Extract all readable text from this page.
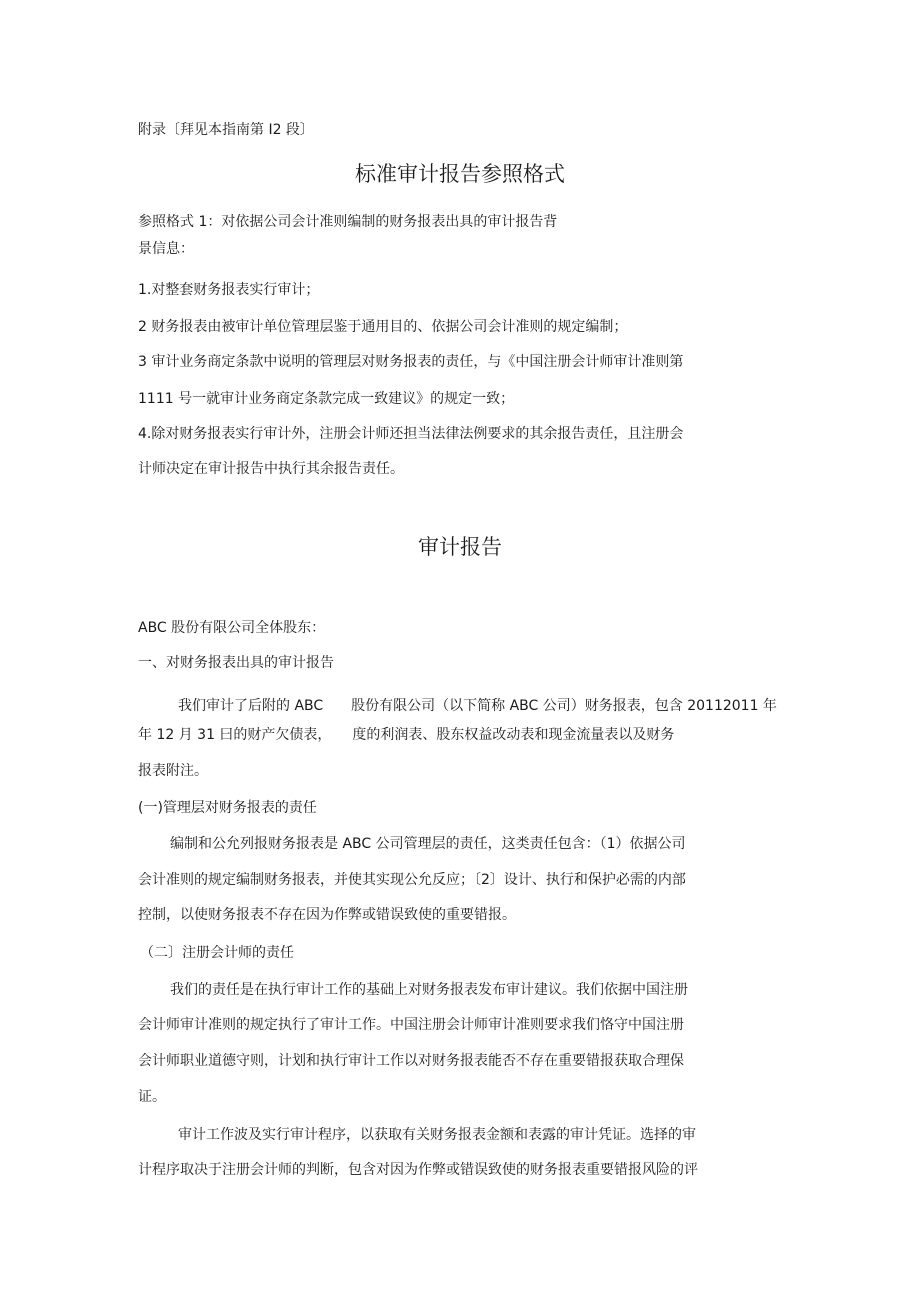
附录〔拜见本指南第 I2 段〕
标准审计报告参照格式
参照格式 1：对依据公司会计准则编制的财务报表出具的审计报告背
景信息：
1.对整套财务报表实行审计；
2 财务报表由被审计单位管理层鉴于通用目的、依据公司会计准则的规定编制；
3 审计业务商定条款中说明的管理层对财务报表的责任，与《中国注册会计师审计准则第
1111 号一就审计业务商定条款完成一致建议》的规定一致；
4.除对财务报表实行审计外，注册会计师还担当法律法例要求的其余报告责任，且注册会
计师决定在审计报告中执行其余报告责任。
审计报告
ABC 股份有限公司全体股东：
一、对财务报表出具的审计报告
我们审计了后附的 ABC　　股份有限公司（以下简称 ABC 公司）财务报表，包含 20112011 年
年 12 月 31 曰的财产欠债表，　　度的利润表、股东权益改动表和现金流量表以及财务
报表附注。
(一)管理层对财务报表的责任
编制和公允列报财务报表是 ABC 公司管理层的责任，这类责任包含：（1）依据公司
会计准则的规定编制财务报表，并使其实现公允反应；〔2〕设计、执行和保护必需的内部
控制，以使财务报表不存在因为作弊或错误致使的重要错报。
（二〕注册会计师的责任
我们的责任是在执行审计工作的基础上对财务报表发布审计建议。我们依据中国注册
会计师审计准则的规定执行了审计工作。中国注册会计师审计准则要求我们恪守中国注册
会计师职业道德守则，计划和执行审计工作以对财务报表能否不存在重要错报获取合理保
证。
审计工作波及实行审计程序，以获取有关财务报表金额和表露的审计凭证。选择的审
计程序取决于注册会计师的判断，包含对因为作弊或错误致使的财务报表重要错报风险的评
